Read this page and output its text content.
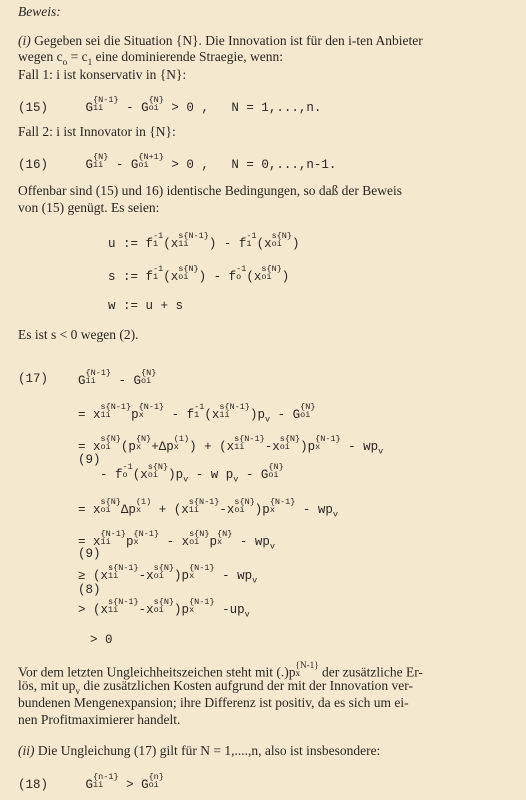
Beweis:
(i) Gegeben sei die Situation {N}. Die Innovation ist für den i-ten Anbieter
wegen $c_o = c_1$ eine dominierende Straegie, wenn:
Fall 1: i ist konservativ in {N}:
(15)	G
{N-1}
1i	- G
{N}
oi > 0 ,   N = 1,...,n.
Fall 2: i ist Innovator in {N}:
(16)	G
{N}
1i - G
{N+1}
oi	> 0 ,   N = 0,...,n-1.
Offenbar sind (15) und 16) identische Bedingungen, so daß der Beweis
von (15) genügt. Es seien:
u := f
-1
1 (x
s{N-1}
1i	) - f
-1
1 (x
s{N}
oi )
s := f
-1
1 (x
s{N}
oi ) - f
-1
o (x
s{N}
oi )
w := u + s
Es ist s < 0 wegen (2).
(17) G
{N-1}
1i	- G
{N}
oi
= x
s{N-1}
1i	p
{N-1}
x	- f
-1
1 (x
s{N-1}
1i	)$p_v$ - G
{N}
oi
= x
s{N}
oi (p
{N}
x +Δp
(1)
x ) + (x
s{N-1}
1i	-x
s{N}
oi )p
{N-1}
x	- $wp_v$
(9)
- f
-1
o (x
s{N}
oi )$p_v$ - w $p_v$ - G
{N}
oi
= x
s{N}
oi Δp
(1)
x + (x
s{N-1}
1i	-x
s{N}
oi )p
{N-1}
x	- $wp_v$
= x
{N-1}
1i	p
{N-1}
x	- x
s{N}
oi p
{N}
x - $wp_v$
(9)
≥ (x
s{N-1}
1i	-x
s{N}
oi )p
{N-1}
x	- $wp_v$
(8)
> (x
s{N-1}
1i	-x
s{N}
oi )p
{N-1}
x	$-up_v$
> 0
Vor dem letzten Ungleichheitszeichen steht mit (.)p {N-1}
x	der zusätzliche Er-
lös, mit $up_v$ die zusätzlichen Kosten aufgrund der mit der Innovation ver-
bundenen Mengenexpansion; ihre Differenz ist positiv, da es sich um ei-
nen Profitmaximierer handelt.
(ii) Die Ungleichung (17) gilt für N = 1,....,n, also ist insbesondere:
(18)	G
{n-1}
1i	> G
{n}
oi
